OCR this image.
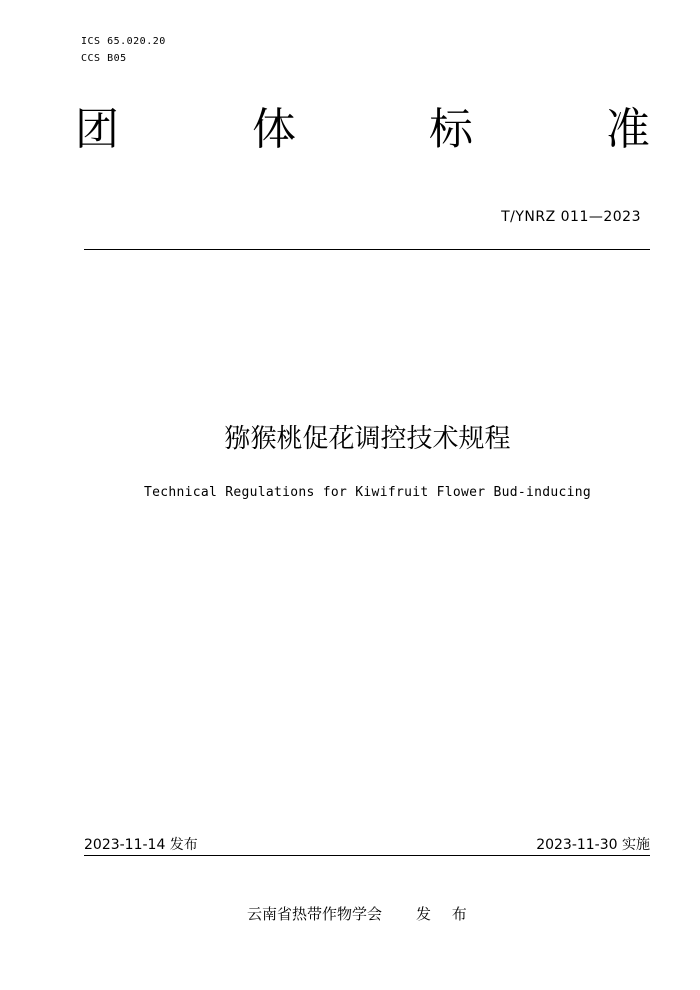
ICS 65.020.20
CCS B05
团	体	标	准
T/YNRZ 011—2023
猕猴桃促花调控技术规程
Technical Regulations for Kiwifruit Flower Bud-inducing
2023-11-14 发布	2023-11-30 实施
云南省热带作物学会 发 布
